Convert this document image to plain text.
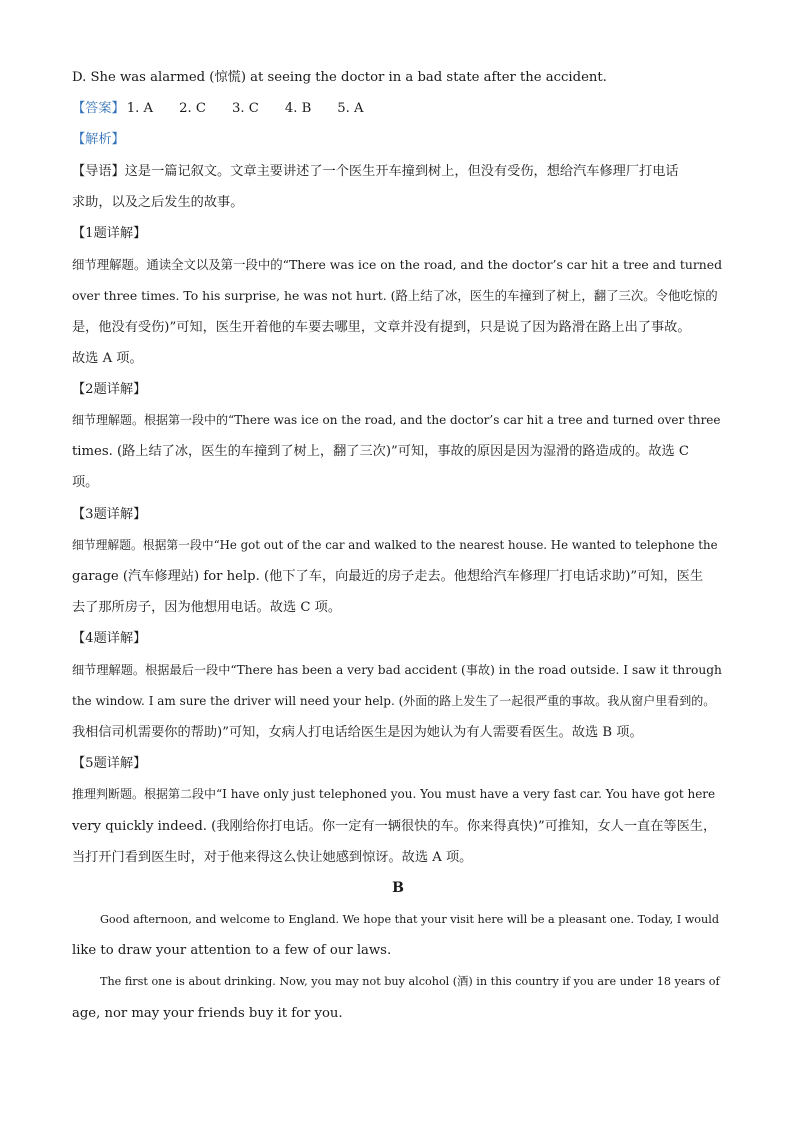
D. She was alarmed (惊慌) at seeing the doctor in a bad state after the accident.
【答案】 1. A 2. C 3. C 4. B 5. A
【解析】
【导语】这是一篇记叙文。文章主要讲述了一个医生开车撞到树上，但没有受伤，想给汽车修理厂打电话
求助，以及之后发生的故事。
【1题详解】
细节理解题。通读全文以及第一段中的“There was ice on the road, and the doctor’s car hit a tree and turned
over three times. To his surprise, he was not hurt. (路上结了冰，医生的车撞到了树上，翻了三次。令他吃惊的
是，他没有受伤)”可知，医生开着他的车要去哪里，文章并没有提到，只是说了因为路滑在路上出了事故。
故选 A 项。
【2题详解】
细节理解题。根据第一段中的“There was ice on the road, and the doctor’s car hit a tree and turned over three
times. (路上结了冰，医生的车撞到了树上，翻了三次)”可知，事故的原因是因为湿滑的路造成的。故选 C
项。
【3题详解】
细节理解题。根据第一段中“He got out of the car and walked to the nearest house. He wanted to telephone the
garage (汽车修理站) for help. (他下了车，向最近的房子走去。他想给汽车修理厂打电话求助)”可知，医生
去了那所房子，因为他想用电话。故选 C 项。
【4题详解】
细节理解题。根据最后一段中“There has been a very bad accident (事故) in the road outside. I saw it through
the window. I am sure the driver will need your help. (外面的路上发生了一起很严重的事故。我从窗户里看到的。
我相信司机需要你的帮助)”可知，女病人打电话给医生是因为她认为有人需要看医生。故选 B 项。
【5题详解】
推理判断题。根据第二段中“I have only just telephoned you. You must have a very fast car. You have got here
very quickly indeed. (我刚给你打电话。你一定有一辆很快的车。你来得真快)”可推知，女人一直在等医生，
当打开门看到医生时，对于他来得这么快让她感到惊讶。故选 A 项。
B
Good afternoon, and welcome to England. We hope that your visit here will be a pleasant one. Today, I would
like to draw your attention to a few of our laws.
The first one is about drinking. Now, you may not buy alcohol (酒) in this country if you are under 18 years of
age, nor may your friends buy it for you.
